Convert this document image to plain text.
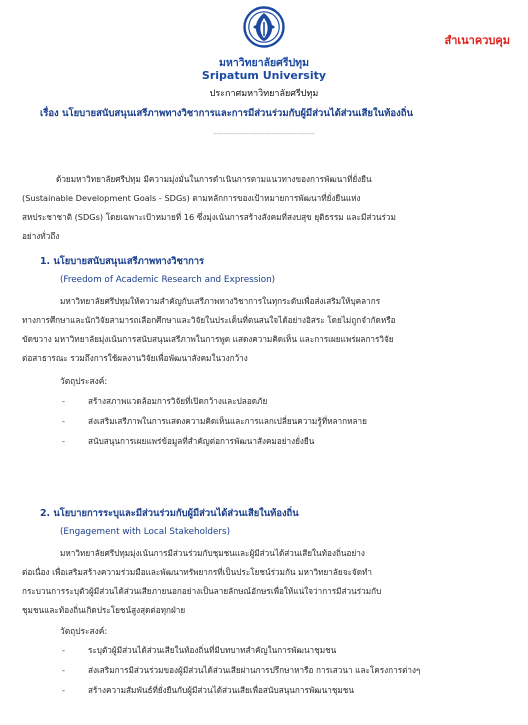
สำเนาควบคุม
มหาวิทยาลัยศรีปทุม
Sripatum University
ประกาศมหาวิทยาลัยศรีปทุม
เรื่อง นโยบายสนับสนุนเสรีภาพทางวิชาการและการมีส่วนร่วมกับผู้มีส่วนได้ส่วนเสียในท้องถิ่น
----------------------------------------
ด้วยมหาวิทยาลัยศรีปทุม มีความมุ่งมั่นในการดำเนินการตามแนวทางของการพัฒนาที่ยั่งยืน
(Sustainable Development Goals - SDGs) ตามหลักการของเป้าหมายการพัฒนาที่ยั่งยืนแห่ง
สหประชาชาติ (SDGs) โดยเฉพาะเป้าหมายที่ 16 ซึ่งมุ่งเน้นการสร้างสังคมที่สงบสุข ยุติธรรม และมีส่วนร่วม
อย่างทั่วถึง
1. นโยบายสนับสนุนเสรีภาพทางวิชาการ
(Freedom of Academic Research and Expression)
มหาวิทยาลัยศรีปทุมให้ความสำคัญกับเสรีภาพทางวิชาการในทุกระดับเพื่อส่งเสริมให้บุคลากร
ทางการศึกษาและนักวิจัยสามารถเลือกศึกษาและวิจัยในประเด็นที่ตนสนใจได้อย่างอิสระ โดยไม่ถูกจำกัดหรือ
ขัดขวาง มหาวิทยาลัยมุ่งเน้นการสนับสนุนเสรีภาพในการพูด แสดงความคิดเห็น และการเผยแพร่ผลการวิจัย
ต่อสาธารณะ รวมถึงการใช้ผลงานวิจัยเพื่อพัฒนาสังคมในวงกว้าง
วัตถุประสงค์:
-	สร้างสภาพแวดล้อมการวิจัยที่เปิดกว้างและปลอดภัย
-	ส่งเสริมเสรีภาพในการแสดงความคิดเห็นและการแลกเปลี่ยนความรู้ที่หลากหลาย
-	สนับสนุนการเผยแพร่ข้อมูลที่สำคัญต่อการพัฒนาสังคมอย่างยั่งยืน
2. นโยบายการระบุและมีส่วนร่วมกับผู้มีส่วนได้ส่วนเสียในท้องถิ่น
(Engagement with Local Stakeholders)
มหาวิทยาลัยศรีปทุมมุ่งเน้นการมีส่วนร่วมกับชุมชนและผู้มีส่วนได้ส่วนเสียในท้องถิ่นอย่าง
ต่อเนื่อง เพื่อเสริมสร้างความร่วมมือและพัฒนาทรัพยากรที่เป็นประโยชน์ร่วมกัน มหาวิทยาลัยจะจัดทำ
กระบวนการระบุตัวผู้มีส่วนได้ส่วนเสียภายนอกอย่างเป็นลายลักษณ์อักษรเพื่อให้แน่ใจว่าการมีส่วนร่วมกับ
ชุมชนและท้องถิ่นเกิดประโยชน์สูงสุดต่อทุกฝ่าย
วัตถุประสงค์:
-	ระบุตัวผู้มีส่วนได้ส่วนเสียในท้องถิ่นที่มีบทบาทสำคัญในการพัฒนาชุมชน
-	ส่งเสริมการมีส่วนร่วมของผู้มีส่วนได้ส่วนเสียผ่านการปรึกษาหารือ การเสวนา และโครงการต่างๆ
-	สร้างความสัมพันธ์ที่ยั่งยืนกับผู้มีส่วนได้ส่วนเสียเพื่อสนับสนุนการพัฒนาชุมชน
